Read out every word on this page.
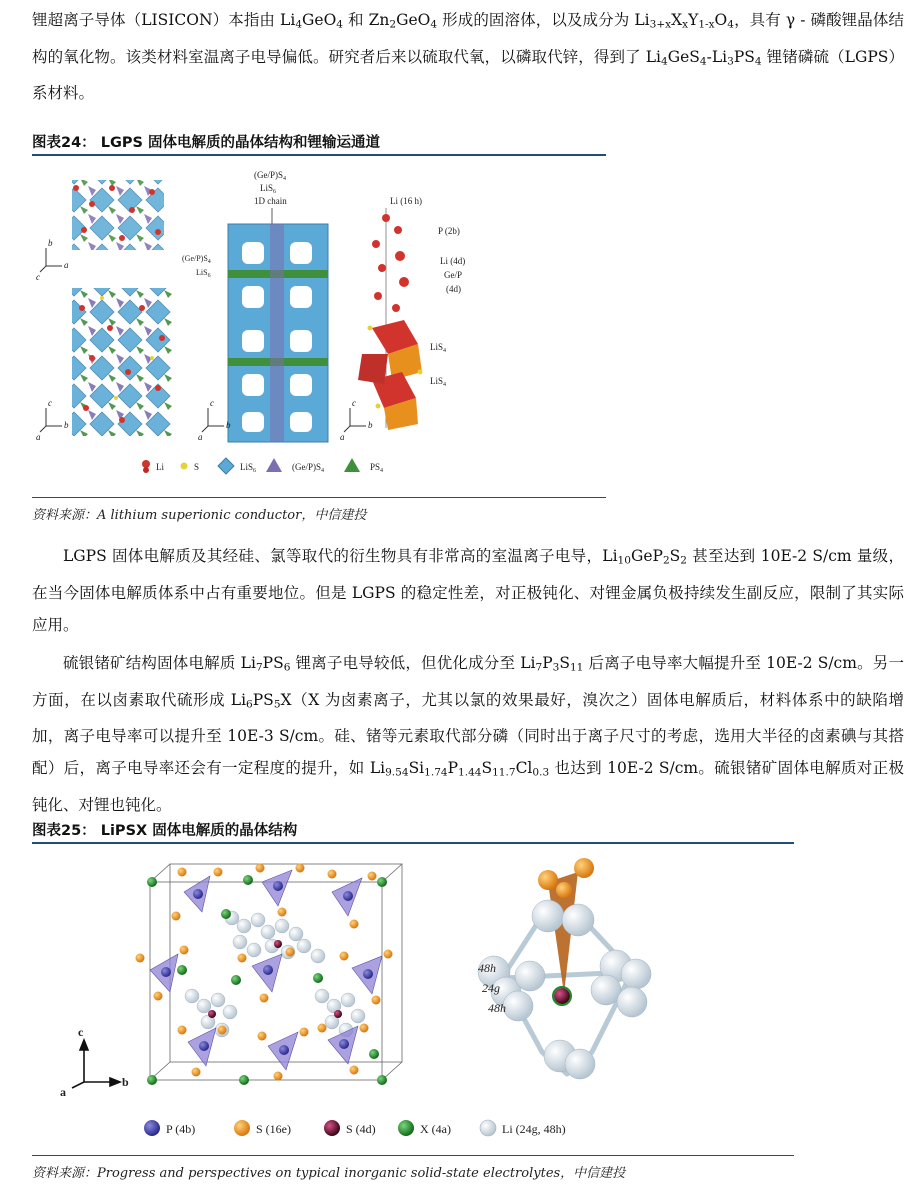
锂超离子导体（LISICON）本指由 $Li_4GeO_4$ 和 $Zn_2GeO_4$ 形成的固溶体，以及成分为 $Li_{3+x}X_xY_{1-x}O_4$，具有 γ - 磷酸锂晶体结构的氧化物。该类材料室温离子电导偏低。研究者后来以硫取代氧，以磷取代锌，得到了 $Li_4GeS_4-Li_3PS_4$ 锂锗磷硫（LGPS）系材料。
图表24： LGPS 固体电解质的晶体结构和锂输运通道
b
a
c
c
b
a
$(Ge/P)S_4$
LiS$_6$
1D chain
$(Ge/P)S_4$
LiS$_6$
c
b
a
Li (16 h)
P (2b)
Li (4d)
Ge/P
(4d)
LiS$_4$
LiS$_4$
c
b
a
Li	S	LiS$_6$	$(Ge/P)S_4$	$PS_4$
资料来源：A lithium superionic conductor，中信建投
LGPS 固体电解质及其经硅、氯等取代的衍生物具有非常高的室温离子电导，$Li_{10}GeP_2S_2$ 甚至达到 10E-2 S/cm 量级，在当今固体电解质体系中占有重要地位。但是 LGPS 的稳定性差，对正极钝化、对锂金属负极持续发生副反应，限制了其实际应用。
硫银锗矿结构固体电解质 $Li_7PS_6$ 锂离子电导较低，但优化成分至 $Li_7P_3S_{11}$ 后离子电导率大幅提升至 10E-2 S/cm。另一方面，在以卤素取代硫形成 $Li_6PS_5X(X$ 为卤素离子，尤其以氯的效果最好，溴次之）固体电解质后，材料体系中的缺陷增加，离子电导率可以提升至 10E-3 S/cm。硅、锗等元素取代部分磷（同时出于离子尺寸的考虑，选用大半径的卤素碘与其搭配）后，离子电导率还会有一定程度的提升，如 $Li_{9.54}Si_{1.74}P_{1.44}S_{11.7}Cl_{0.3}$ 也达到 10E-2 S/cm。硫银锗矿固体电解质对正极钝化、对锂也钝化。
图表25： LiPSX 固体电解质的晶体结构
c
b
a
48h
24g
48h
P (4b)	S (16e)	S (4d)	X (4a)	Li (24g, 48h)
资料来源：Progress and perspectives on typical inorganic solid-state electrolytes，中信建投
